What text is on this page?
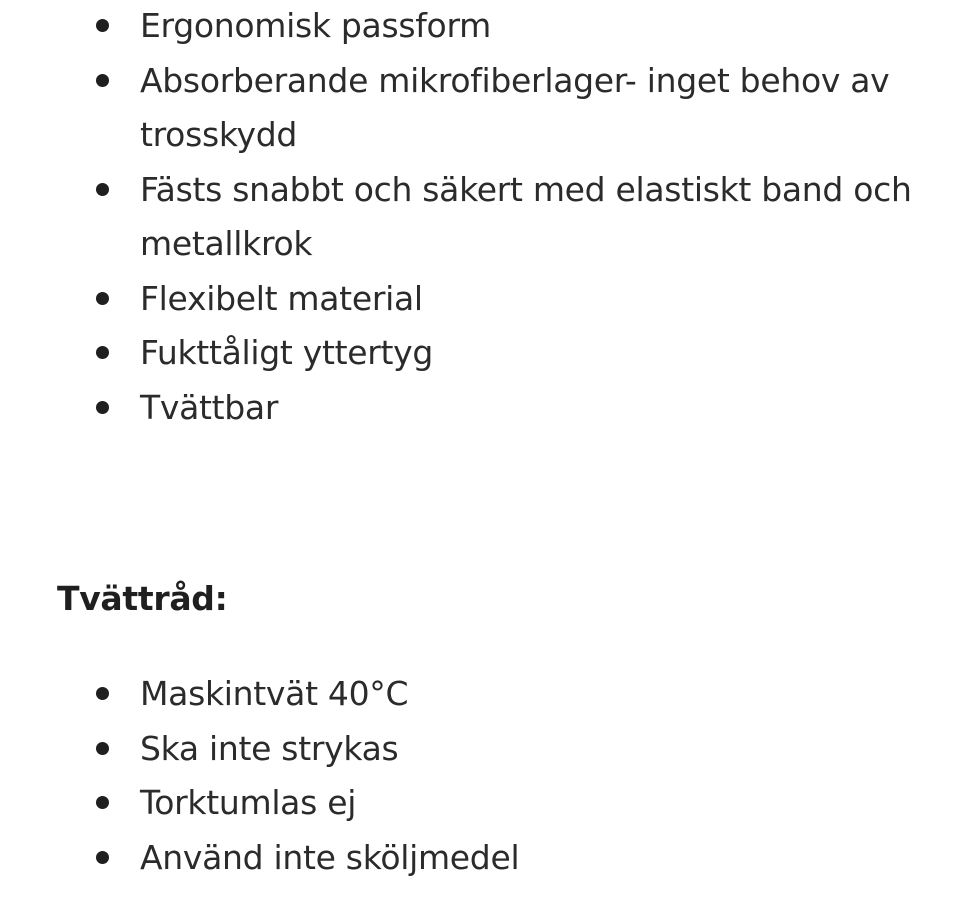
Ergonomisk passform
Absorberande mikrofiberlager- inget behov av trosskydd
Fästs snabbt och säkert med elastiskt band och metallkrok
Flexibelt material
Fukttåligt yttertyg
Tvättbar
Tvättråd:
Maskintvät 40°C
Ska inte strykas
Torktumlas ej
Använd inte sköljmedel
